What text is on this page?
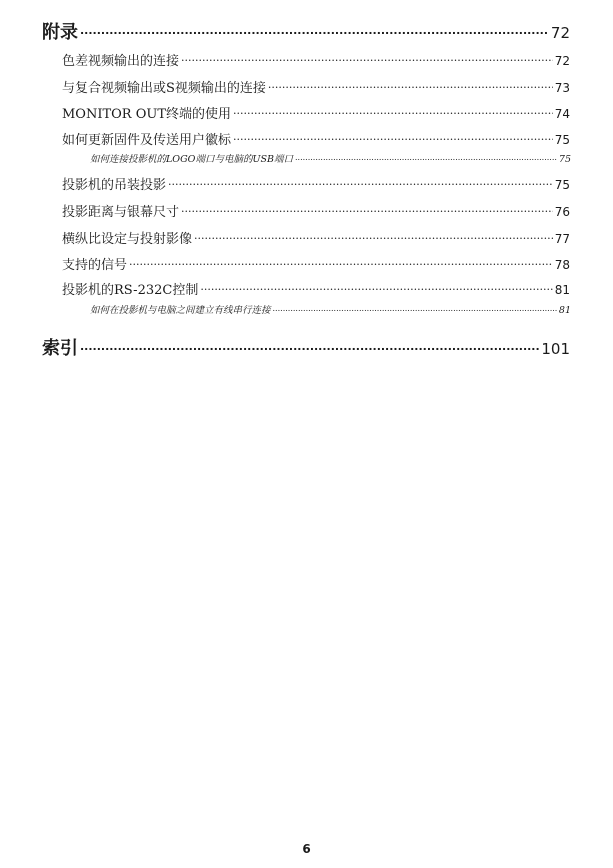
附录 .....	72
色差视频输出的连接 .....	72
与复合视频输出或S视频输出的连接 .....	73
MONITOR OUT终端的使用 .....	74
如何更新固件及传送用户徽标 .....	75
如何连接投影机的LOGO端口与电脑的USB端口 .....	75
投影机的吊装投影 .....	75
投影距离与银幕尺寸 .....	76
横纵比设定与投射影像 .....	77
支持的信号 .....	78
投影机的RS-232C控制 .....	81
如何在投影机与电脑之间建立有线串行连接 .....	81
索引 .....	101
6
